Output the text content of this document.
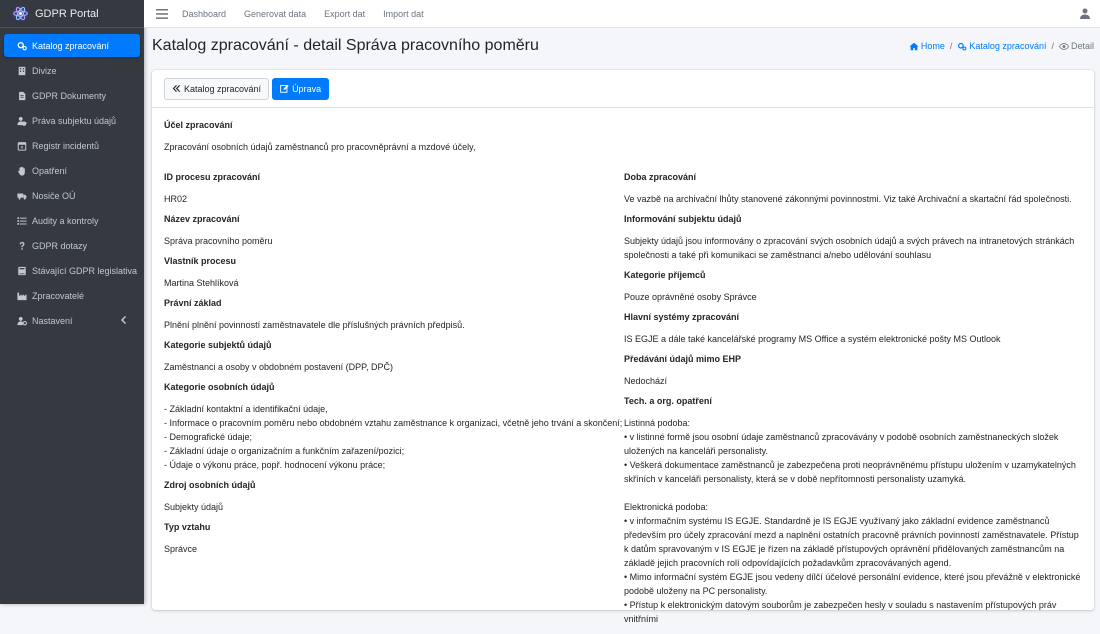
GDPR Portal
Katalog zpracování
Divize
GDPR Dokumenty
Práva subjektu údajů
Registr incidentů
Opatření
Nosiče OÚ
Audity a kontroly
GDPR dotazy
Stávající GDPR legislativa
Zpracovatelé
Nastavení
Dashboard Generovat data Export dat Import dat
Katalog zpracování - detail Správa pracovního poměru	Home / Katalog zpracování / Detail
Katalog zpracování	Úprava
Účel zpracování
Zpracování osobních údajů zaměstnanců pro pracovněprávní a mzdové účely,
ID procesu zpracování
HR02
Název zpracování
Správa pracovního poměru
Vlastník procesu
Martina Stehlíková
Právní základ
Plnění plnění povinností zaměstnavatele dle příslušných právních předpisů.
Kategorie subjektů údajů
Zaměstnanci a osoby v obdobném postavení (DPP, DPČ)
Kategorie osobních údajů
- Základní kontaktní a identifikační údaje,
- Informace o pracovním poměru nebo obdobném vztahu zaměstnance k organizaci, včetně jeho trvání a skončení;
- Demografické údaje;
- Základní údaje o organizačním a funkčním zařazení/pozici;
- Údaje o výkonu práce, popř. hodnocení výkonu práce;
Zdroj osobních údajů
Subjekty údajů
Typ vztahu
Správce
Doba zpracování
Ve vazbě na archivační lhůty stanovené zákonnými povinnostmi. Viz také Archivační a skartační řád společnosti.
Informování subjektu údajů
Subjekty údajů jsou informovány o zpracování svých osobních údajů a svých právech na intranetových stránkách společnosti a také při komunikaci se zaměstnanci a/nebo udělování souhlasu
Kategorie příjemců
Pouze oprávněné osoby Správce
Hlavní systémy zpracování
IS EGJE a dále také kancelářské programy MS Office a systém elektronické pošty MS Outlook
Předávání údajů mimo EHP
Nedochází
Tech. a org. opatření
Listinná podoba:
• v listinné formě jsou osobní údaje zaměstnanců zpracovávány v podobě osobních zaměstnaneckých složek uložených na kanceláři personalisty.
• Veškerá dokumentace zaměstnanců je zabezpečena proti neoprávněnému přístupu uložením v uzamykatelných skříních v kanceláři personalisty, která se v době nepřítomnosti personalisty uzamyká.

Elektronická podoba:
• v informačním systému IS EGJE. Standardně je IS EGJE využívaný jako základní evidence zaměstnanců především pro účely zpracování mezd a naplnění ostatních pracovně právních povinností zaměstnavatele. Přístup k datům spravovaným v IS EGJE je řízen na základě přístupových oprávnění přidělovaných zaměstnancům na základě jejich pracovních rolí odpovídajících požadavkům zpracovávaných agend.
• Mimo informační systém EGJE jsou vedeny dílčí účelové personální evidence, které jsou převážně v elektronické podobě uloženy na PC personalisty.
• Přístup k elektronickým datovým souborům je zabezpečen hesly v souladu s nastavením přístupových práv vnitřními
